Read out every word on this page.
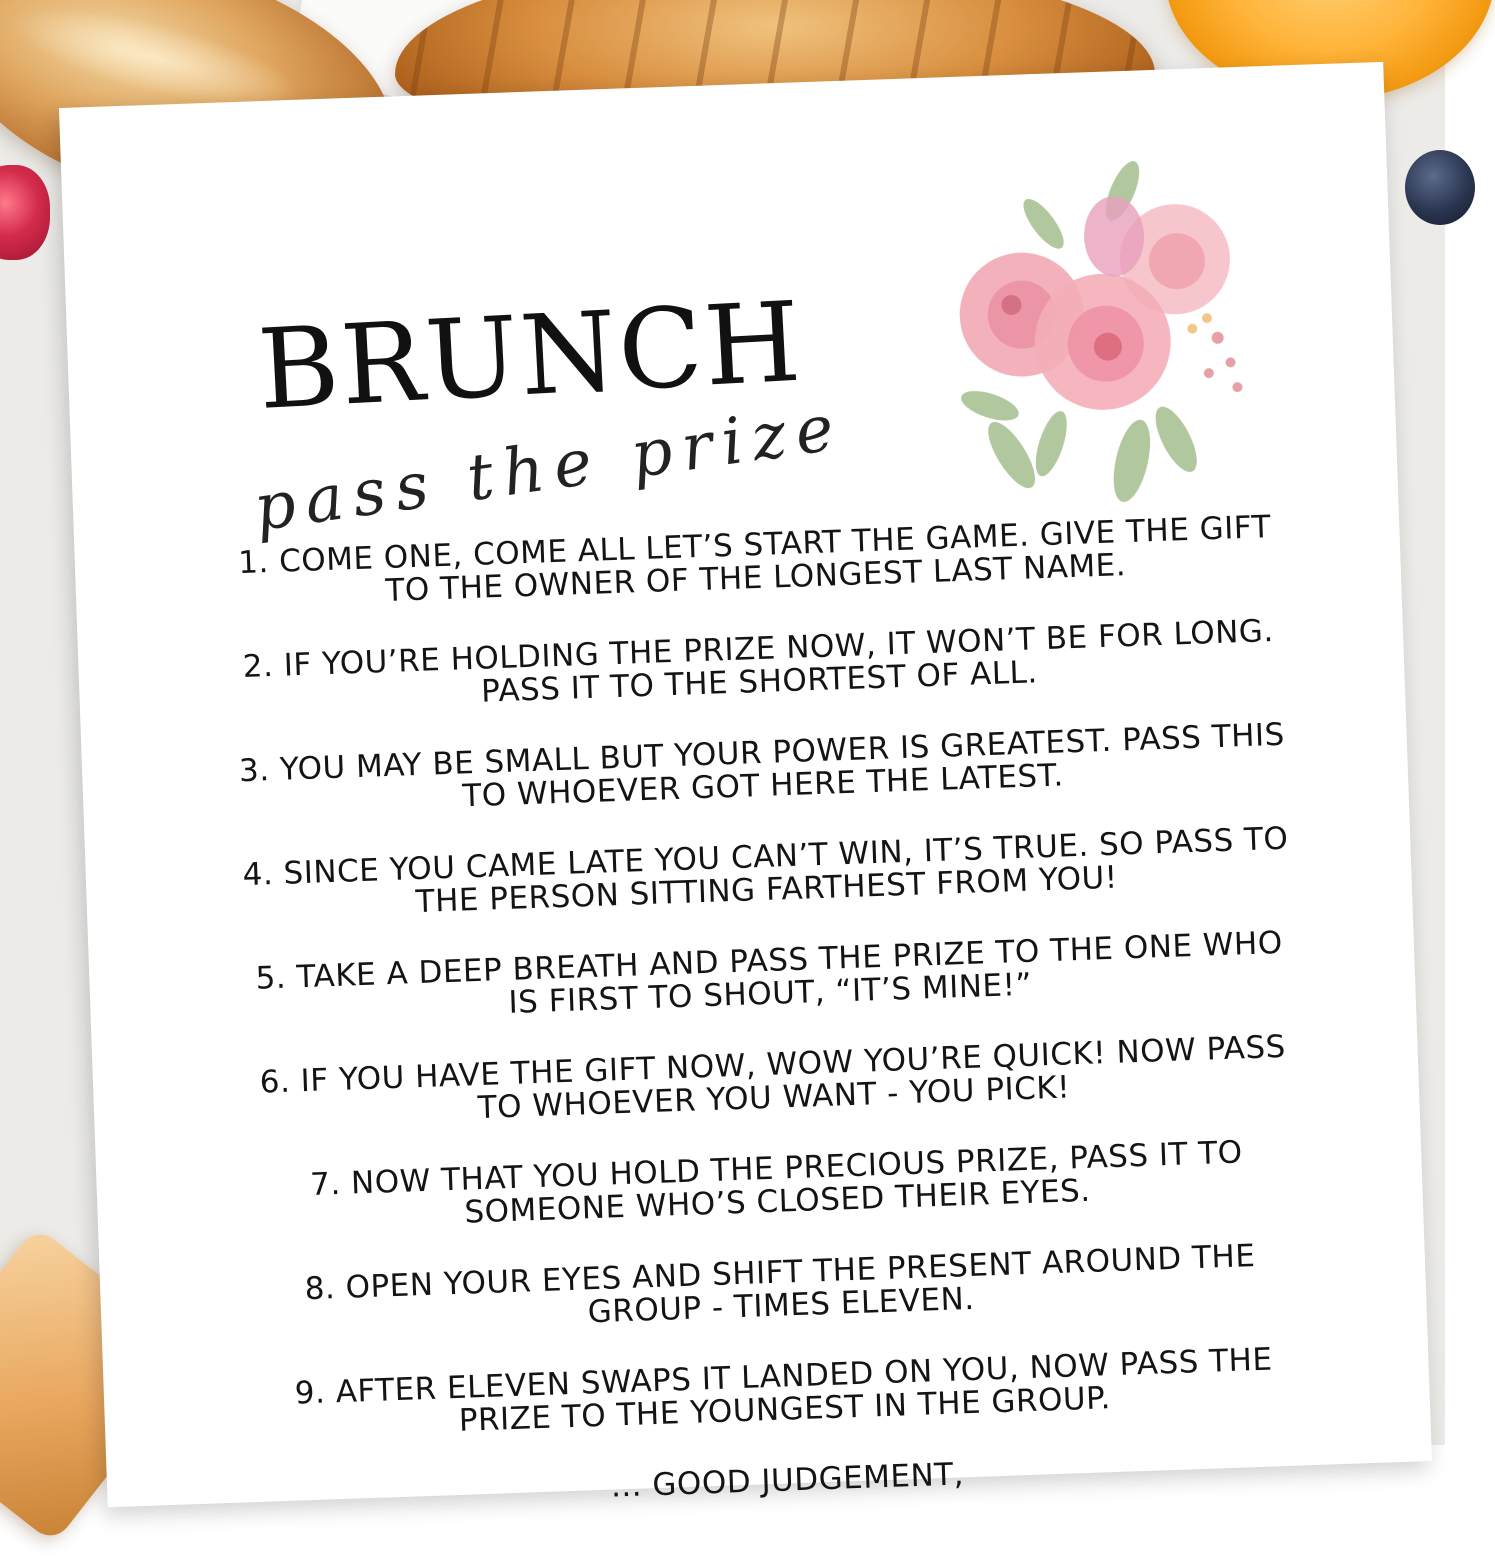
BRUNCH
pass the prize
1. COME ONE, COME ALL LET’S START THE GAME. GIVE THE GIFT TO THE OWNER OF THE LONGEST LAST NAME.
2. IF YOU’RE HOLDING THE PRIZE NOW, IT WON’T BE FOR LONG. PASS IT TO THE SHORTEST OF ALL.
3. YOU MAY BE SMALL BUT YOUR POWER IS GREATEST. PASS THIS TO WHOEVER GOT HERE THE LATEST.
4. SINCE YOU CAME LATE YOU CAN’T WIN, IT’S TRUE. SO PASS TO THE PERSON SITTING FARTHEST FROM YOU!
5. TAKE A DEEP BREATH AND PASS THE PRIZE TO THE ONE WHO IS FIRST TO SHOUT, “IT’S MINE!”
6. IF YOU HAVE THE GIFT NOW, WOW YOU’RE QUICK! NOW PASS TO WHOEVER YOU WANT - YOU PICK!
7. NOW THAT YOU HOLD THE PRECIOUS PRIZE, PASS IT TO SOMEONE WHO’S CLOSED THEIR EYES.
8. OPEN YOUR EYES AND SHIFT THE PRESENT AROUND THE GROUP - TIMES ELEVEN.
9. AFTER ELEVEN SWAPS IT LANDED ON YOU, NOW PASS THE PRIZE TO THE YOUNGEST IN THE GROUP.
… GOOD JUDGEMENT,
